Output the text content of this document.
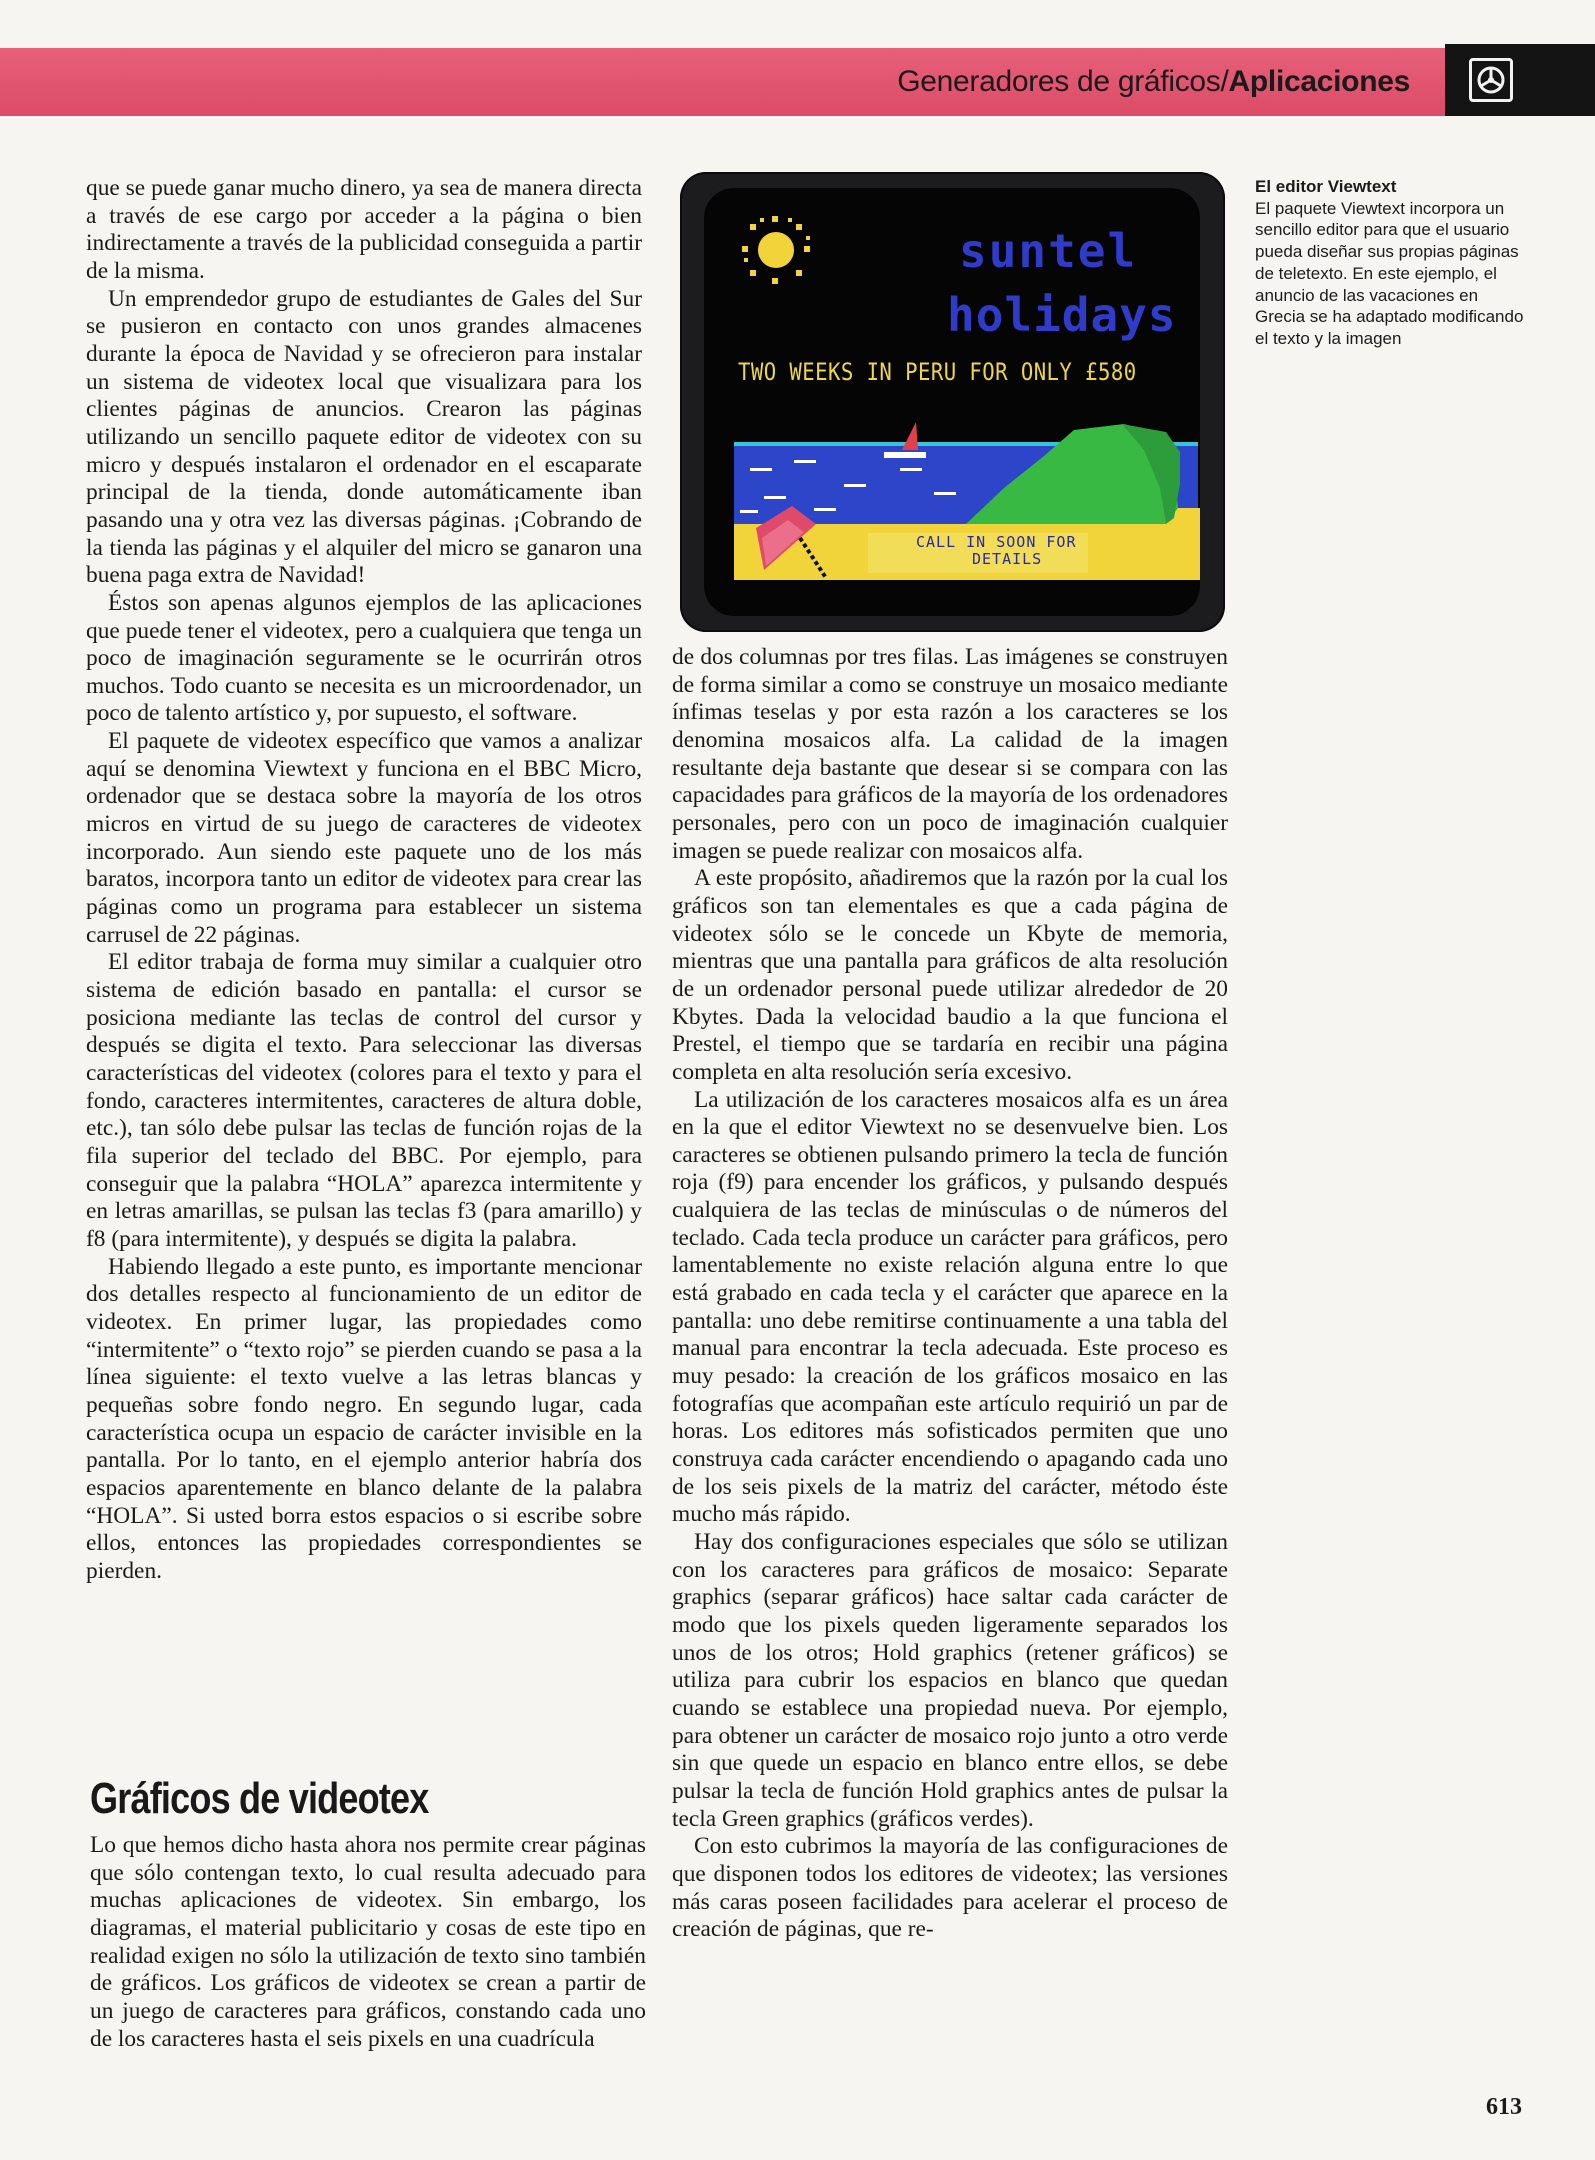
Generadores de gráficos/Aplicaciones

que se puede ganar mucho dinero, ya sea de manera directa a través de ese cargo por acceder a la página o bien indirectamente a través de la publicidad conseguida a partir de la misma.

Un emprendedor grupo de estudiantes de Gales del Sur se pusieron en contacto con unos grandes almacenes durante la época de Navidad y se ofrecieron para instalar un sistema de videotex local que visualizara para los clientes páginas de anuncios. Crearon las páginas utilizando un sencillo paquete editor de videotex con su micro y después instalaron el ordenador en el escaparate principal de la tienda, donde automáticamente iban pasando una y otra vez las diversas páginas. ¡Cobrando de la tienda las páginas y el alquiler del micro se ganaron una buena paga extra de Navidad!

Éstos son apenas algunos ejemplos de las aplicaciones que puede tener el videotex, pero a cualquiera que tenga un poco de imaginación seguramente se le ocurrirán otros muchos. Todo cuanto se necesita es un microordenador, un poco de talento artístico y, por supuesto, el software.

El paquete de videotex específico que vamos a analizar aquí se denomina Viewtext y funciona en el BBC Micro, ordenador que se destaca sobre la mayoría de los otros micros en virtud de su juego de caracteres de videotex incorporado. Aun siendo este paquete uno de los más baratos, incorpora tanto un editor de videotex para crear las páginas como un programa para establecer un sistema carrusel de 22 páginas.

El editor trabaja de forma muy similar a cualquier otro sistema de edición basado en pantalla: el cursor se posiciona mediante las teclas de control del cursor y después se digita el texto. Para seleccionar las diversas características del videotex (colores para el texto y para el fondo, caracteres intermitentes, caracteres de altura doble, etc.), tan sólo debe pulsar las teclas de función rojas de la fila superior del teclado del BBC. Por ejemplo, para conseguir que la palabra “HOLA” aparezca intermitente y en letras amarillas, se pulsan las teclas f3 (para amarillo) y f8 (para intermitente), y después se digita la palabra.

Habiendo llegado a este punto, es importante mencionar dos detalles respecto al funcionamiento de un editor de videotex. En primer lugar, las propiedades como “intermitente” o “texto rojo” se pierden cuando se pasa a la línea siguiente: el texto vuelve a las letras blancas y pequeñas sobre fondo negro. En segundo lugar, cada característica ocupa un espacio de carácter invisible en la pantalla. Por lo tanto, en el ejemplo anterior habría dos espacios aparentemente en blanco delante de la palabra “HOLA”. Si usted borra estos espacios o si escribe sobre ellos, entonces las propiedades correspondientes se pierden.

Gráficos de videotex

Lo que hemos dicho hasta ahora nos permite crear páginas que sólo contengan texto, lo cual resulta adecuado para muchas aplicaciones de videotex. Sin embargo, los diagramas, el material publicitario y cosas de este tipo en realidad exigen no sólo la utilización de texto sino también de gráficos. Los gráficos de videotex se crean a partir de un juego de caracteres para gráficos, constando cada uno de los caracteres hasta el seis pixels en una cuadrícula

suntel
holidays
TWO WEEKS IN PERU FOR ONLY £580
CALL IN SOON FOR
DETAILS
El editor Viewtext
El paquete Viewtext incorpora un sencillo editor para que el usuario pueda diseñar sus propias páginas de teletexto. En este ejemplo, el anuncio de las vacaciones en Grecia se ha adaptado modificando el texto y la imagen

de dos columnas por tres filas. Las imágenes se construyen de forma similar a como se construye un mosaico mediante ínfimas teselas y por esta razón a los caracteres se los denomina mosaicos alfa. La calidad de la imagen resultante deja bastante que desear si se compara con las capacidades para gráficos de la mayoría de los ordenadores personales, pero con un poco de imaginación cualquier imagen se puede realizar con mosaicos alfa.

A este propósito, añadiremos que la razón por la cual los gráficos son tan elementales es que a cada página de videotex sólo se le concede un Kbyte de memoria, mientras que una pantalla para gráficos de alta resolución de un ordenador personal puede utilizar alrededor de 20 Kbytes. Dada la velocidad baudio a la que funciona el Prestel, el tiempo que se tardaría en recibir una página completa en alta resolución sería excesivo.

La utilización de los caracteres mosaicos alfa es un área en la que el editor Viewtext no se desenvuelve bien. Los caracteres se obtienen pulsando primero la tecla de función roja (f9) para encender los gráficos, y pulsando después cualquiera de las teclas de minúsculas o de números del teclado. Cada tecla produce un carácter para gráficos, pero lamentablemente no existe relación alguna entre lo que está grabado en cada tecla y el carácter que aparece en la pantalla: uno debe remitirse continuamente a una tabla del manual para encontrar la tecla adecuada. Este proceso es muy pesado: la creación de los gráficos mosaico en las fotografías que acompañan este artículo requirió un par de horas. Los editores más sofisticados permiten que uno construya cada carácter encendiendo o apagando cada uno de los seis pixels de la matriz del carácter, método éste mucho más rápido.

Hay dos configuraciones especiales que sólo se utilizan con los caracteres para gráficos de mosaico: Separate graphics (separar gráficos) hace saltar cada carácter de modo que los pixels queden ligeramente separados los unos de los otros; Hold graphics (retener gráficos) se utiliza para cubrir los espacios en blanco que quedan cuando se establece una propiedad nueva. Por ejemplo, para obtener un carácter de mosaico rojo junto a otro verde sin que quede un espacio en blanco entre ellos, se debe pulsar la tecla de función Hold graphics antes de pulsar la tecla Green graphics (gráficos verdes).

Con esto cubrimos la mayoría de las configuraciones de que disponen todos los editores de videotex; las versiones más caras poseen facilidades para acelerar el proceso de creación de páginas, que re-

613
